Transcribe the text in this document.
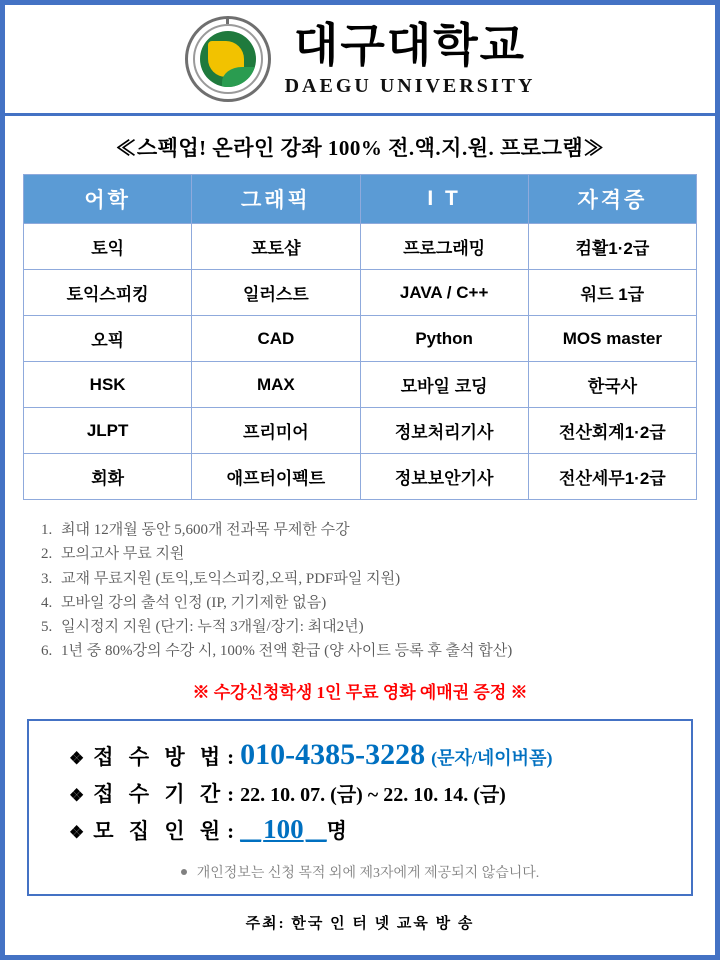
대구대학교
DAEGU UNIVERSITY
≪스펙업! 온라인 강좌 100% 전.액.지.원. 프로그램≫
어학	그래픽	I T	자격증
토익	포토샵	프로그래밍	컴활1·2급
토익스피킹	일러스트	JAVA / C++	워드 1급
오픽	CAD	Python	MOS master
HSK	MAX	모바일 코딩	한국사
JLPT	프리미어	정보처리기사	전산회계1·2급
회화	애프터이펙트	정보보안기사	전산세무1·2급
1. 최대 12개월 동안 5,600개 전과목 무제한 수강
2. 모의고사 무료 지원
3. 교재 무료지원 (토익,토익스피킹,오픽, PDF파일 지원)
4. 모바일 강의 출석 인정 (IP, 기기제한 없음)
5. 일시정지 지원 (단기: 누적 3개월/장기: 최대2년)
6. 1년 중 80%강의 수강 시, 100% 전액 환급 (양 사이트 등록 후 출석 합산)
※ 수강신청학생 1인 무료 영화 예매권 증정 ※
❖ 접 수 방 법 : 010-4385-3228 (문자/네이버폼)
❖ 접 수 기 간 : 22. 10. 07. (금) ~ 22. 10. 14. (금)
❖ 모 집 인 원 : __ 100 __ 명
개인정보는 신청 목적 외에 제3자에게 제공되지 않습니다.
주최: 한국 인 터 넷 교육 방 송
